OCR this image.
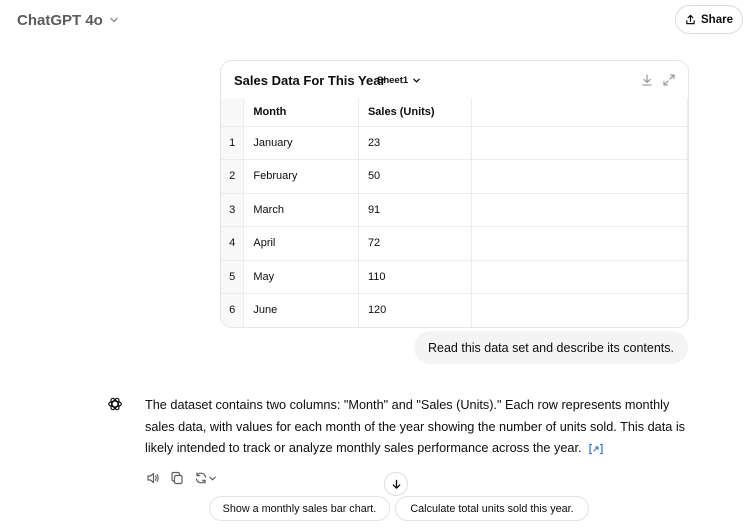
ChatGPT 4o	Share
Sales Data For This Year
Sheet1
	Month	Sales (Units)	
1	January	23	
2	February	50	
3	March	91	
4	April	72	
5	May	110	
6	June	120	
Read this data set and describe its contents.
The dataset contains two columns: "Month" and "Sales (Units)." Each row represents monthly sales data, with values for each month of the year showing the number of units sold. This data is likely intended to track or analyze monthly sales performance across the year.
Show a monthly sales bar chart.	Calculate total units sold this year.
